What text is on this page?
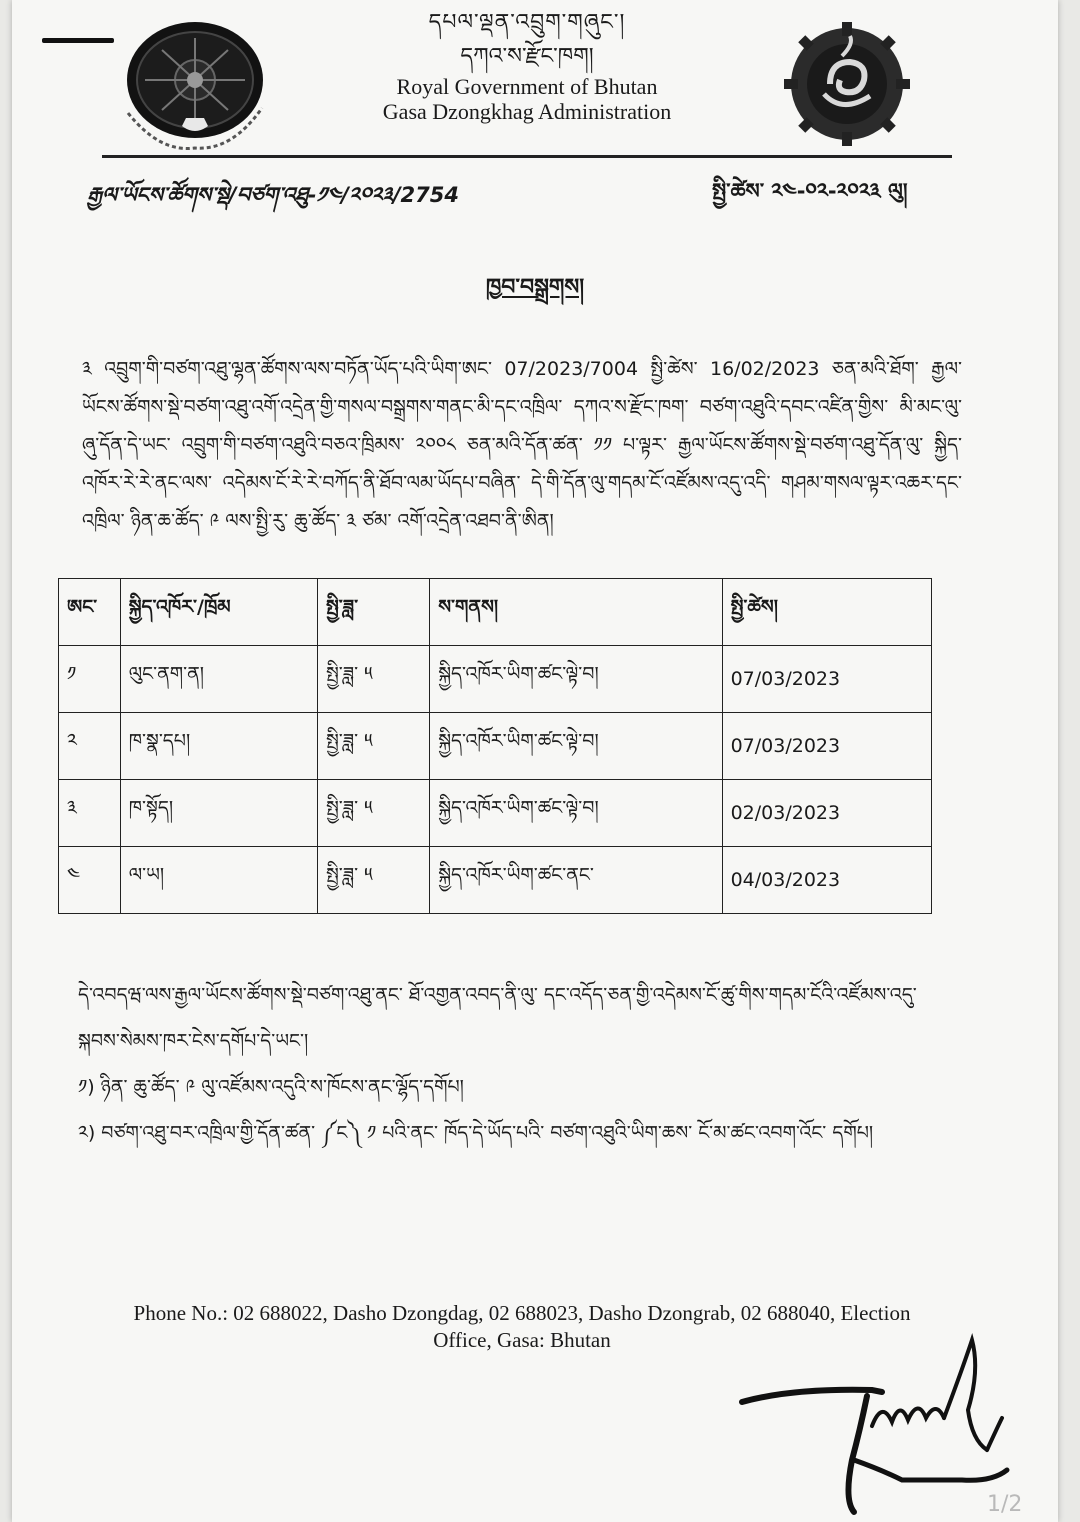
དཔལ་ལྡན་འབྲུག་གཞུང་།
དཀའ་ས་རྫོང་ཁག།
Royal Government of Bhutan
Gasa Dzongkhag Administration
རྒྱལ་ཡོངས་ཚོགས་སྡེ/བཙག་འཐུ-༡༤/༢༠༢༣/2754	སྤྱི་ཚེས་ ༢༤-༠༢-༢༠༢༣ ལུ།
ཁྱབ་བསྒྲགས།
༣ འབྲུག་གི་བཙག་འཐུ་ལྷན་ཚོགས་ལས་བཏོན་ཡོད་པའི་ཡིག་ཨང་ 07/2023/7004 སྤྱི་ཚེས་ 16/02/2023 ཅན་མའི་ཐོག་ རྒྱལ་ཡོངས་ཚོགས་སྡེ་བཙག་འཐུ་འགོ་འདྲེན་གྱི་གསལ་བསྒྲགས་གནང་མི་དང་འཁྲིལ་ དཀའ་ས་རྫོང་ཁག་ བཙག་འཐུའི་དབང་འཛིན་གྱིས་ མི་མང་ལུ་ ཞུ་དོན་དེ་ཡང་ འབྲུག་གི་བཙག་འཐུའི་བཅའ་ཁྲིམས་ ༢༠༠༨ ཅན་མའི་དོན་ཚན་ ༡༡ པ་ལྟར་ རྒྱལ་ཡོངས་ཚོགས་སྡེ་བཙག་འཐུ་དོན་ལུ་ སྐྱིད་འཁོར་རེ་རེ་ནང་ལས་ འདེམས་ངོ་རེ་རེ་བཀོད་ནི་ཐོབ་ལམ་ཡོདཔ་བཞིན་ དེ་གི་དོན་ལུ་གདམ་ངོ་འཛོམས་འདུ་འདི་ གཤམ་གསལ་ལྟར་འཆར་དང་འཁྲིལ་ ཉིན་ཆ་ཚོད་ ༩ ལས་སྤྱི་རུ་ ཆུ་ཚོད་ ༣ ཙམ་ འགོ་འདྲེན་འཐབ་ནི་ཨིན།
ཨང་	སྐྱིད་འཁོར་/ཁྲོམ	སྤྱི་ཟླ་	ས་གནས།	སྤྱི་ཚེས།
༡	ལུང་ནག་ན།	སྤྱི་ཟླ་ ༥	སྐྱིད་འཁོར་ཡིག་ཚང་ལྟེ་བ།	07/03/2023
༢	ཁ་སྣ་དཔ།	སྤྱི་ཟླ་ ༥	སྐྱིད་འཁོར་ཡིག་ཚང་ལྟེ་བ།	07/03/2023
༣	ཁ་སྟོད།	སྤྱི་ཟླ་ ༥	སྐྱིད་འཁོར་ཡིག་ཚང་ལྟེ་བ།	02/03/2023
༤	ལ་ཡ།	སྤྱི་ཟླ་ ༥	སྐྱིད་འཁོར་ཡིག་ཚང་ནང་	04/03/2023
དེ་འབདཝ་ལས་རྒྱལ་ཡོངས་ཚོགས་སྡེ་བཙག་འཐུ་ནང་ ཐོ་འགྱན་འབད་ནི་ལུ་ དང་འདོད་ཅན་གྱི་འདེམས་ངོ་ཚུ་གིས་གདམ་ངོའི་འཛོམས་འདུ་སྐབས་སེམས་ཁར་ངེས་དགོཔ་དེ་ཡང་།
༡) ཉིན་ ཆུ་ཚོད་ ༩ ལུ་འཛོམས་འདུའི་ས་ཁོངས་ནང་ལྷོད་དགོཔ།
༢) བཙག་འཐུ་བར་འཁྲིལ་གྱི་དོན་ཚན་ ༼ང༽ ༡ པའི་ནང་ ཁོད་དེ་ཡོད་པའི་ བཙག་འཐུའི་ཡིག་ཆས་ ངོ་མ་ཚང་འབག་འོང་ དགོཔ།
Phone No.: 02 688022, Dasho Dzongdag, 02 688023, Dasho Dzongrab, 02 688040, Election
Office, Gasa: Bhutan
1/2
